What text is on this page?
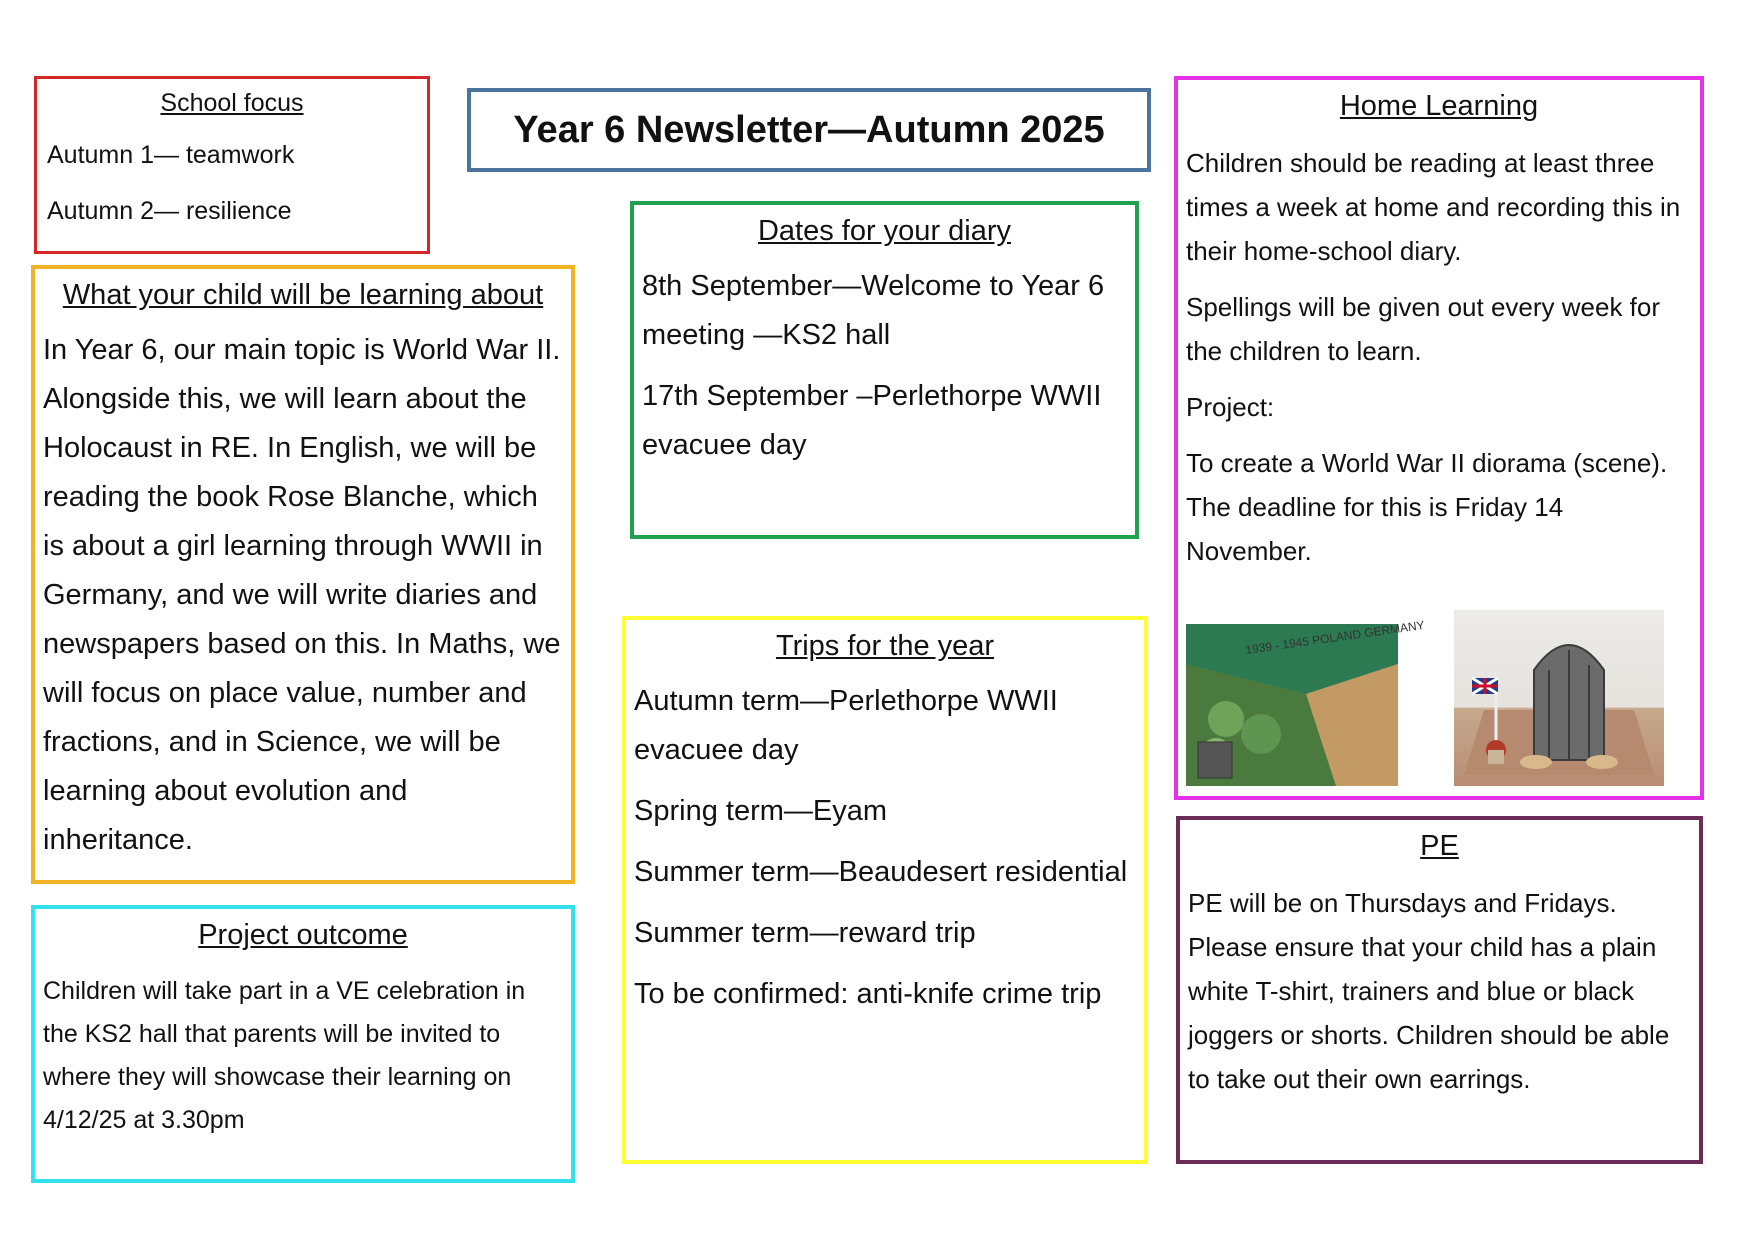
School focus

Autumn 1— teamwork

Autumn 2— resilience

Year 6 Newsletter—Autumn 2025

What your child will be learning about

In Year 6, our main topic is World War II. Alongside this, we will learn about the Holocaust in RE. In English, we will be reading the book Rose Blanche, which is about a girl learning through WWII in Germany, and we will write diaries and newspapers based on this. In Maths, we will focus on place value, number and fractions, and in Science, we will be learning about evolution and inheritance.

Project outcome

Children will take part in a VE celebration in the KS2 hall that parents will be invited to where they will showcase their learning on 4/12/25 at 3.30pm

Dates for your diary

8th September—Welcome to Year 6 meeting —KS2 hall

17th September –Perlethorpe WWII evacuee day

Trips for the year

Autumn term—Perlethorpe WWII evacuee day

Spring term—Eyam

Summer term—Beaudesert residential

Summer term—reward trip

To be confirmed: anti-knife crime trip

Home Learning

Children should be reading at least three times a week at home and recording this in their home-school diary.

Spellings will be given out every week for the children to learn.

Project:

To create a World War II diorama (scene). The deadline for this is Friday 14 November.

1939 - 1945 POLAND GERMANY

PE

PE will be on Thursdays and Fridays. Please ensure that your child has a plain white T-shirt, trainers and blue or black joggers or shorts. Children should be able to take out their own earrings.
